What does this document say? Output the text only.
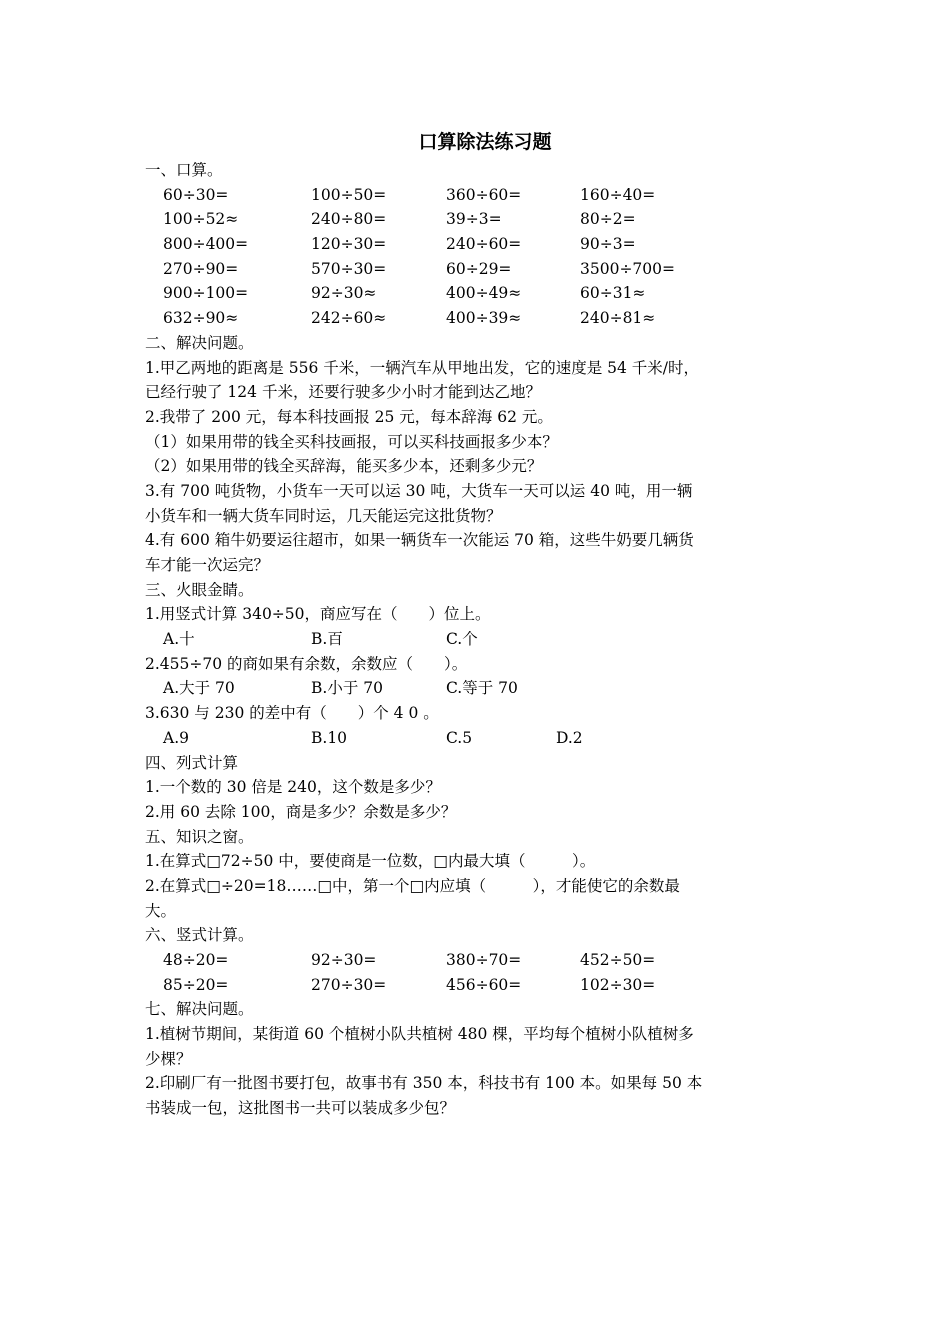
口算除法练习题
一、口算。
60÷30=	100÷50=	360÷60=	160÷40=
100÷52≈	240÷80=	39÷3=	80÷2=
800÷400=	120÷30=	240÷60=	90÷3=
270÷90=	570÷30=	60÷29=	3500÷700=
900÷100=	92÷30≈	400÷49≈	60÷31≈
632÷90≈	242÷60≈	400÷39≈	240÷81≈
二、解决问题。
1.甲乙两地的距离是 556 千米，一辆汽车从甲地出发，它的速度是 54 千米/时，
已经行驶了 124 千米，还要行驶多少小时才能到达乙地？
2.我带了 200 元，每本科技画报 25 元，每本辞海 62 元。
（1）如果用带的钱全买科技画报，可以买科技画报多少本？
（2）如果用带的钱全买辞海，能买多少本，还剩多少元？
3.有 700 吨货物，小货车一天可以运 30 吨，大货车一天可以运 40 吨，用一辆
小货车和一辆大货车同时运，几天能运完这批货物？
4.有 600 箱牛奶要运往超市，如果一辆货车一次能运 70 箱，这些牛奶要几辆货
车才能一次运完？
三、火眼金睛。
1.用竖式计算 340÷50，商应写在（　　）位上。
A.十	B.百	C.个
2.455÷70 的商如果有余数，余数应（　　）。
A.大于 70	B.小于 70	C.等于 70
3.630 与 230 的差中有（　　）个 4 0 。
A.9	B.10	C.5	D.2
四、列式计算
1.一个数的 30 倍是 240，这个数是多少？
2.用 60 去除 100，商是多少？余数是多少？
五、知识之窗。
1.在算式□72÷50 中，要使商是一位数，□内最大填（　　　）。
2.在算式□÷20=18……□中，第一个□内应填（　　　），才能使它的余数最
大。
六、竖式计算。
48÷20=	92÷30=	380÷70=	452÷50=
85÷20=	270÷30=	456÷60=	102÷30=
七、解决问题。
1.植树节期间，某街道 60 个植树小队共植树 480 棵，平均每个植树小队植树多
少棵？
2.印刷厂有一批图书要打包，故事书有 350 本，科技书有 100 本。如果每 50 本
书装成一包，这批图书一共可以装成多少包？
